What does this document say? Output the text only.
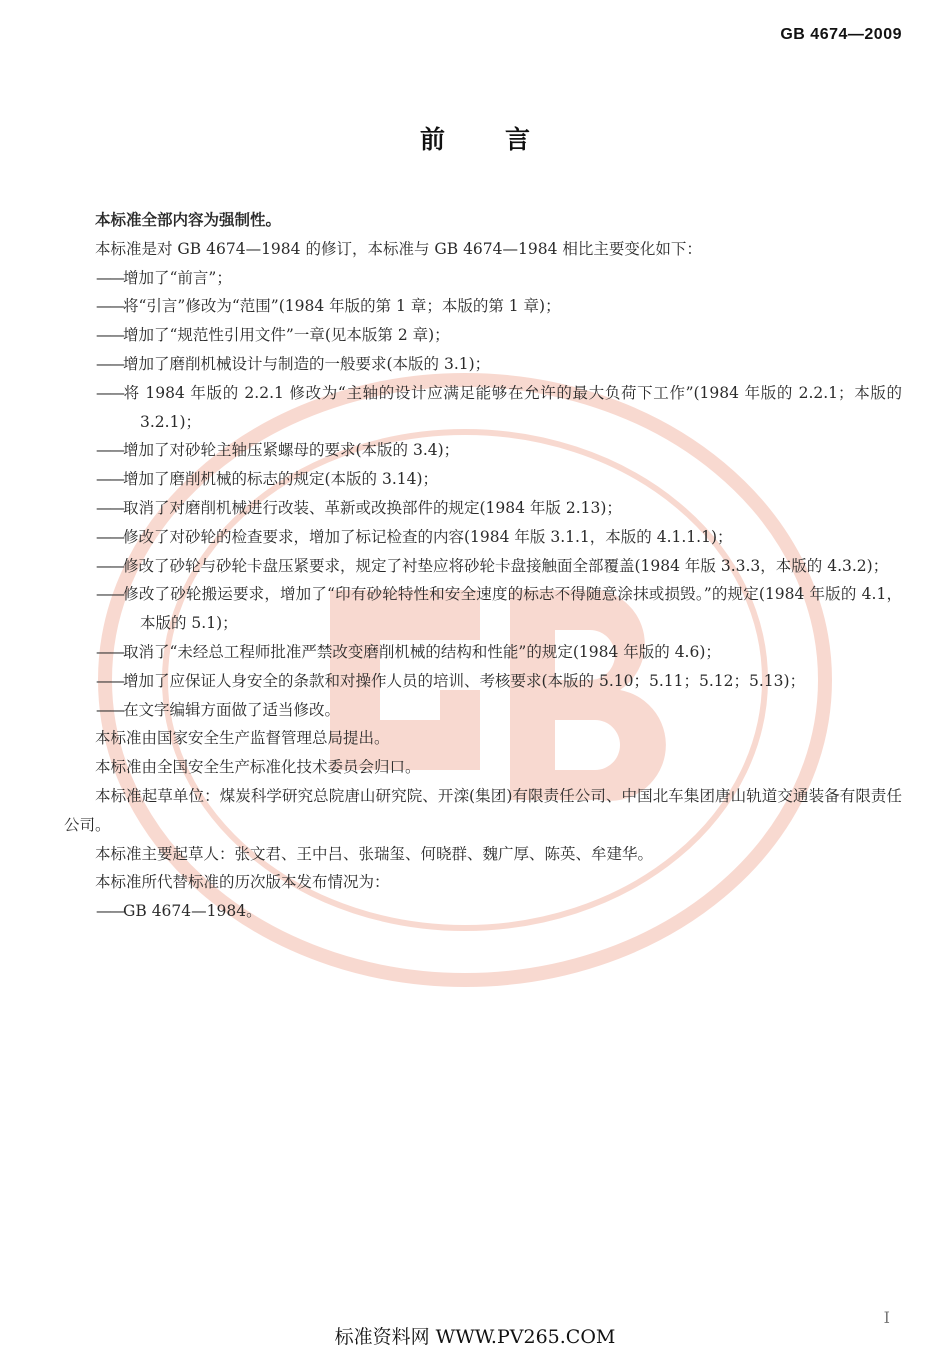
GB 4674—2009
前言

本标准全部内容为强制性。

本标准是对 GB 4674—1984 的修订，本标准与 GB 4674—1984 相比主要变化如下：

——增加了“前言”；

——将“引言”修改为“范围”(1984 年版的第 1 章；本版的第 1 章)；

——增加了“规范性引用文件”一章(见本版第 2 章)；

——增加了磨削机械设计与制造的一般要求(本版的 3.1)；

——将 1984 年版的 2.2.1 修改为“主轴的设计应满足能够在允许的最大负荷下工作”(1984 年版的 2.2.1；本版的 3.2.1)；

——增加了对砂轮主轴压紧螺母的要求(本版的 3.4)；

——增加了磨削机械的标志的规定(本版的 3.14)；

——取消了对磨削机械进行改装、革新或改换部件的规定(1984 年版 2.13)；

——修改了对砂轮的检查要求，增加了标记检查的内容(1984 年版 3.1.1，本版的 4.1.1.1)；

——修改了砂轮与砂轮卡盘压紧要求，规定了衬垫应将砂轮卡盘接触面全部覆盖(1984 年版 3.3.3，本版的 4.3.2)；

——修改了砂轮搬运要求，增加了“印有砂轮特性和安全速度的标志不得随意涂抹或损毁。”的规定(1984 年版的 4.1，本版的 5.1)；

——取消了“未经总工程师批准严禁改变磨削机械的结构和性能”的规定(1984 年版的 4.6)；

——增加了应保证人身安全的条款和对操作人员的培训、考核要求(本版的 5.10；5.11；5.12；5.13)；

——在文字编辑方面做了适当修改。

本标准由国家安全生产监督管理总局提出。

本标准由全国安全生产标准化技术委员会归口。

本标准起草单位：煤炭科学研究总院唐山研究院、开滦(集团)有限责任公司、中国北车集团唐山轨道交通装备有限责任公司。

本标准主要起草人：张文君、王中吕、张瑞玺、何晓群、魏广厚、陈英、牟建华。

本标准所代替标准的历次版本发布情况为：

——GB 4674—1984。

I
标准资料网 WWW.PV265.COM
